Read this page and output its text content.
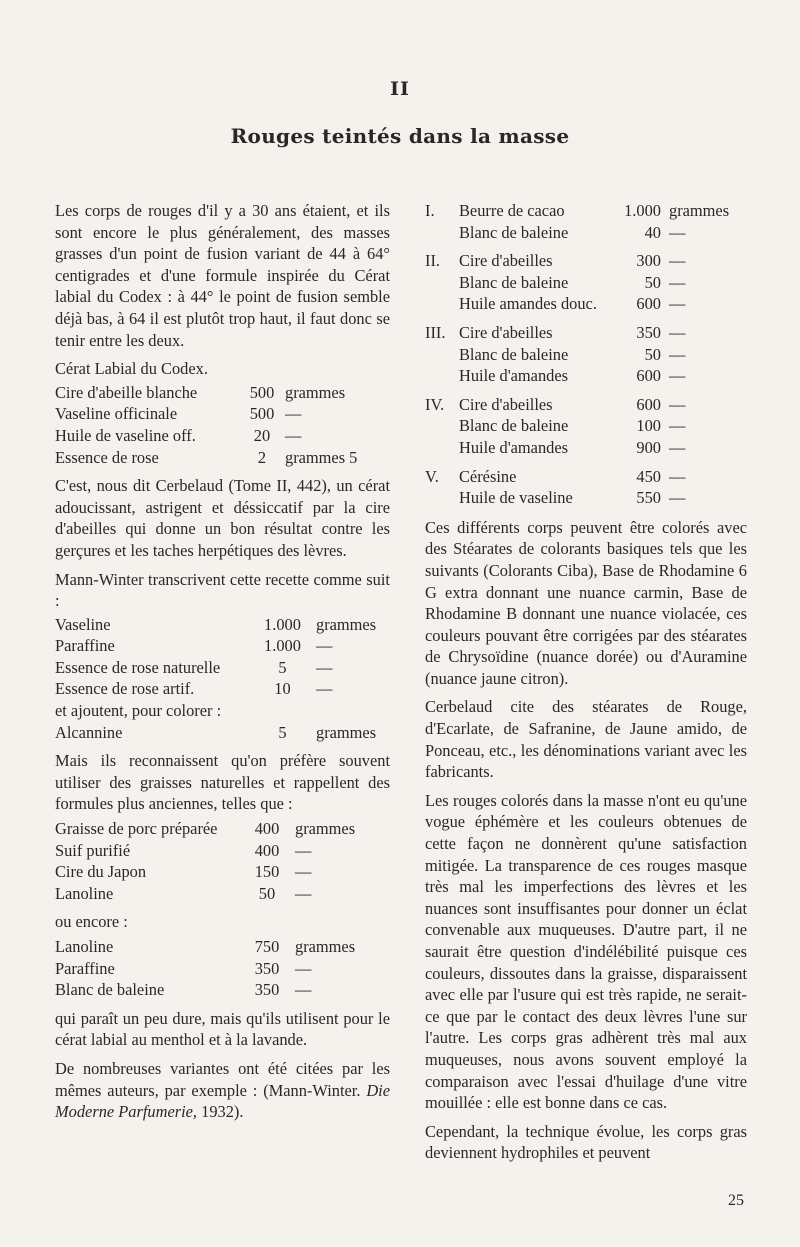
II
Rouges teintés dans la masse

Les corps de rouges d'il y a 30 ans étaient, et ils sont encore le plus généralement, des masses grasses d'un point de fusion variant de 44 à 64° centigrades et d'une formule inspirée du Cérat labial du Codex : à 44° le point de fusion semble déjà bas, à 64 il est plutôt trop haut, il faut donc se tenir entre les deux.

Cérat Labial du Codex.

Cire d'abeille blanche	500	grammes
Vaseline officinale	500	—
Huile de vaseline off.	20	—
Essence de rose	2	grammes 5

C'est, nous dit Cerbelaud (Tome II, 442), un cérat adoucissant, astrigent et déssiccatif par la cire d'abeilles qui donne un bon résultat contre les gerçures et les taches herpétiques des lèvres.

Mann-Winter transcrivent cette recette comme suit :

Vaseline	1.000	grammes
Paraffine	1.000	—
Essence de rose naturelle	5	—
Essence de rose artif.	10	—

et ajoutent, pour colorer :

Alcannine	5	grammes

Mais ils reconnaissent qu'on préfère souvent utiliser des graisses naturelles et rappellent des formules plus anciennes, telles que :

Graisse de porc préparée	400	grammes
Suif purifié	400	—
Cire du Japon	150	—
Lanoline	50	—

ou encore :

Lanoline	750	grammes
Paraffine	350	—
Blanc de baleine	350	—

qui paraît un peu dure, mais qu'ils utilisent pour le cérat labial au menthol et à la lavande.

De nombreuses variantes ont été citées par les mêmes auteurs, par exemple : (Mann-Winter. Die Moderne Parfumerie, 1932).

I.	Beurre de cacao	1.000	grammes
	Blanc de baleine	40	—
II.	Cire d'abeilles	300	—
	Blanc de baleine	50	—
	Huile amandes douc.	600	—
III.	Cire d'abeilles	350	—
	Blanc de baleine	50	—
	Huile d'amandes	600	—
IV.	Cire d'abeilles	600	—
	Blanc de baleine	100	—
	Huile d'amandes	900	—
V.	Cérésine	450	—
	Huile de vaseline	550	—

Ces différents corps peuvent être colorés avec des Stéarates de colorants basiques tels que les suivants (Colorants Ciba), Base de Rhodamine 6 G extra donnant une nuance carmin, Base de Rhodamine B donnant une nuance violacée, ces couleurs pouvant être corrigées par des stéarates de Chrysoïdine (nuance dorée) ou d'Auramine (nuance jaune citron).

Cerbelaud cite des stéarates de Rouge, d'Ecarlate, de Safranine, de Jaune amido, de Ponceau, etc., les dénominations variant avec les fabricants.

Les rouges colorés dans la masse n'ont eu qu'une vogue éphémère et les couleurs obtenues de cette façon ne donnèrent qu'une satisfaction mitigée. La transparence de ces rouges masque très mal les imperfections des lèvres et les nuances sont insuffisantes pour donner un éclat convenable aux muqueuses. D'autre part, il ne saurait être question d'indélébilité puisque ces couleurs, dissoutes dans la graisse, disparaissent avec elle par l'usure qui est très rapide, ne serait-ce que par le contact des deux lèvres l'une sur l'autre. Les corps gras adhèrent très mal aux muqueuses, nous avons souvent employé la comparaison avec l'essai d'huilage d'une vitre mouillée : elle est bonne dans ce cas.

Cependant, la technique évolue, les corps gras deviennent hydrophiles et peuvent

25
